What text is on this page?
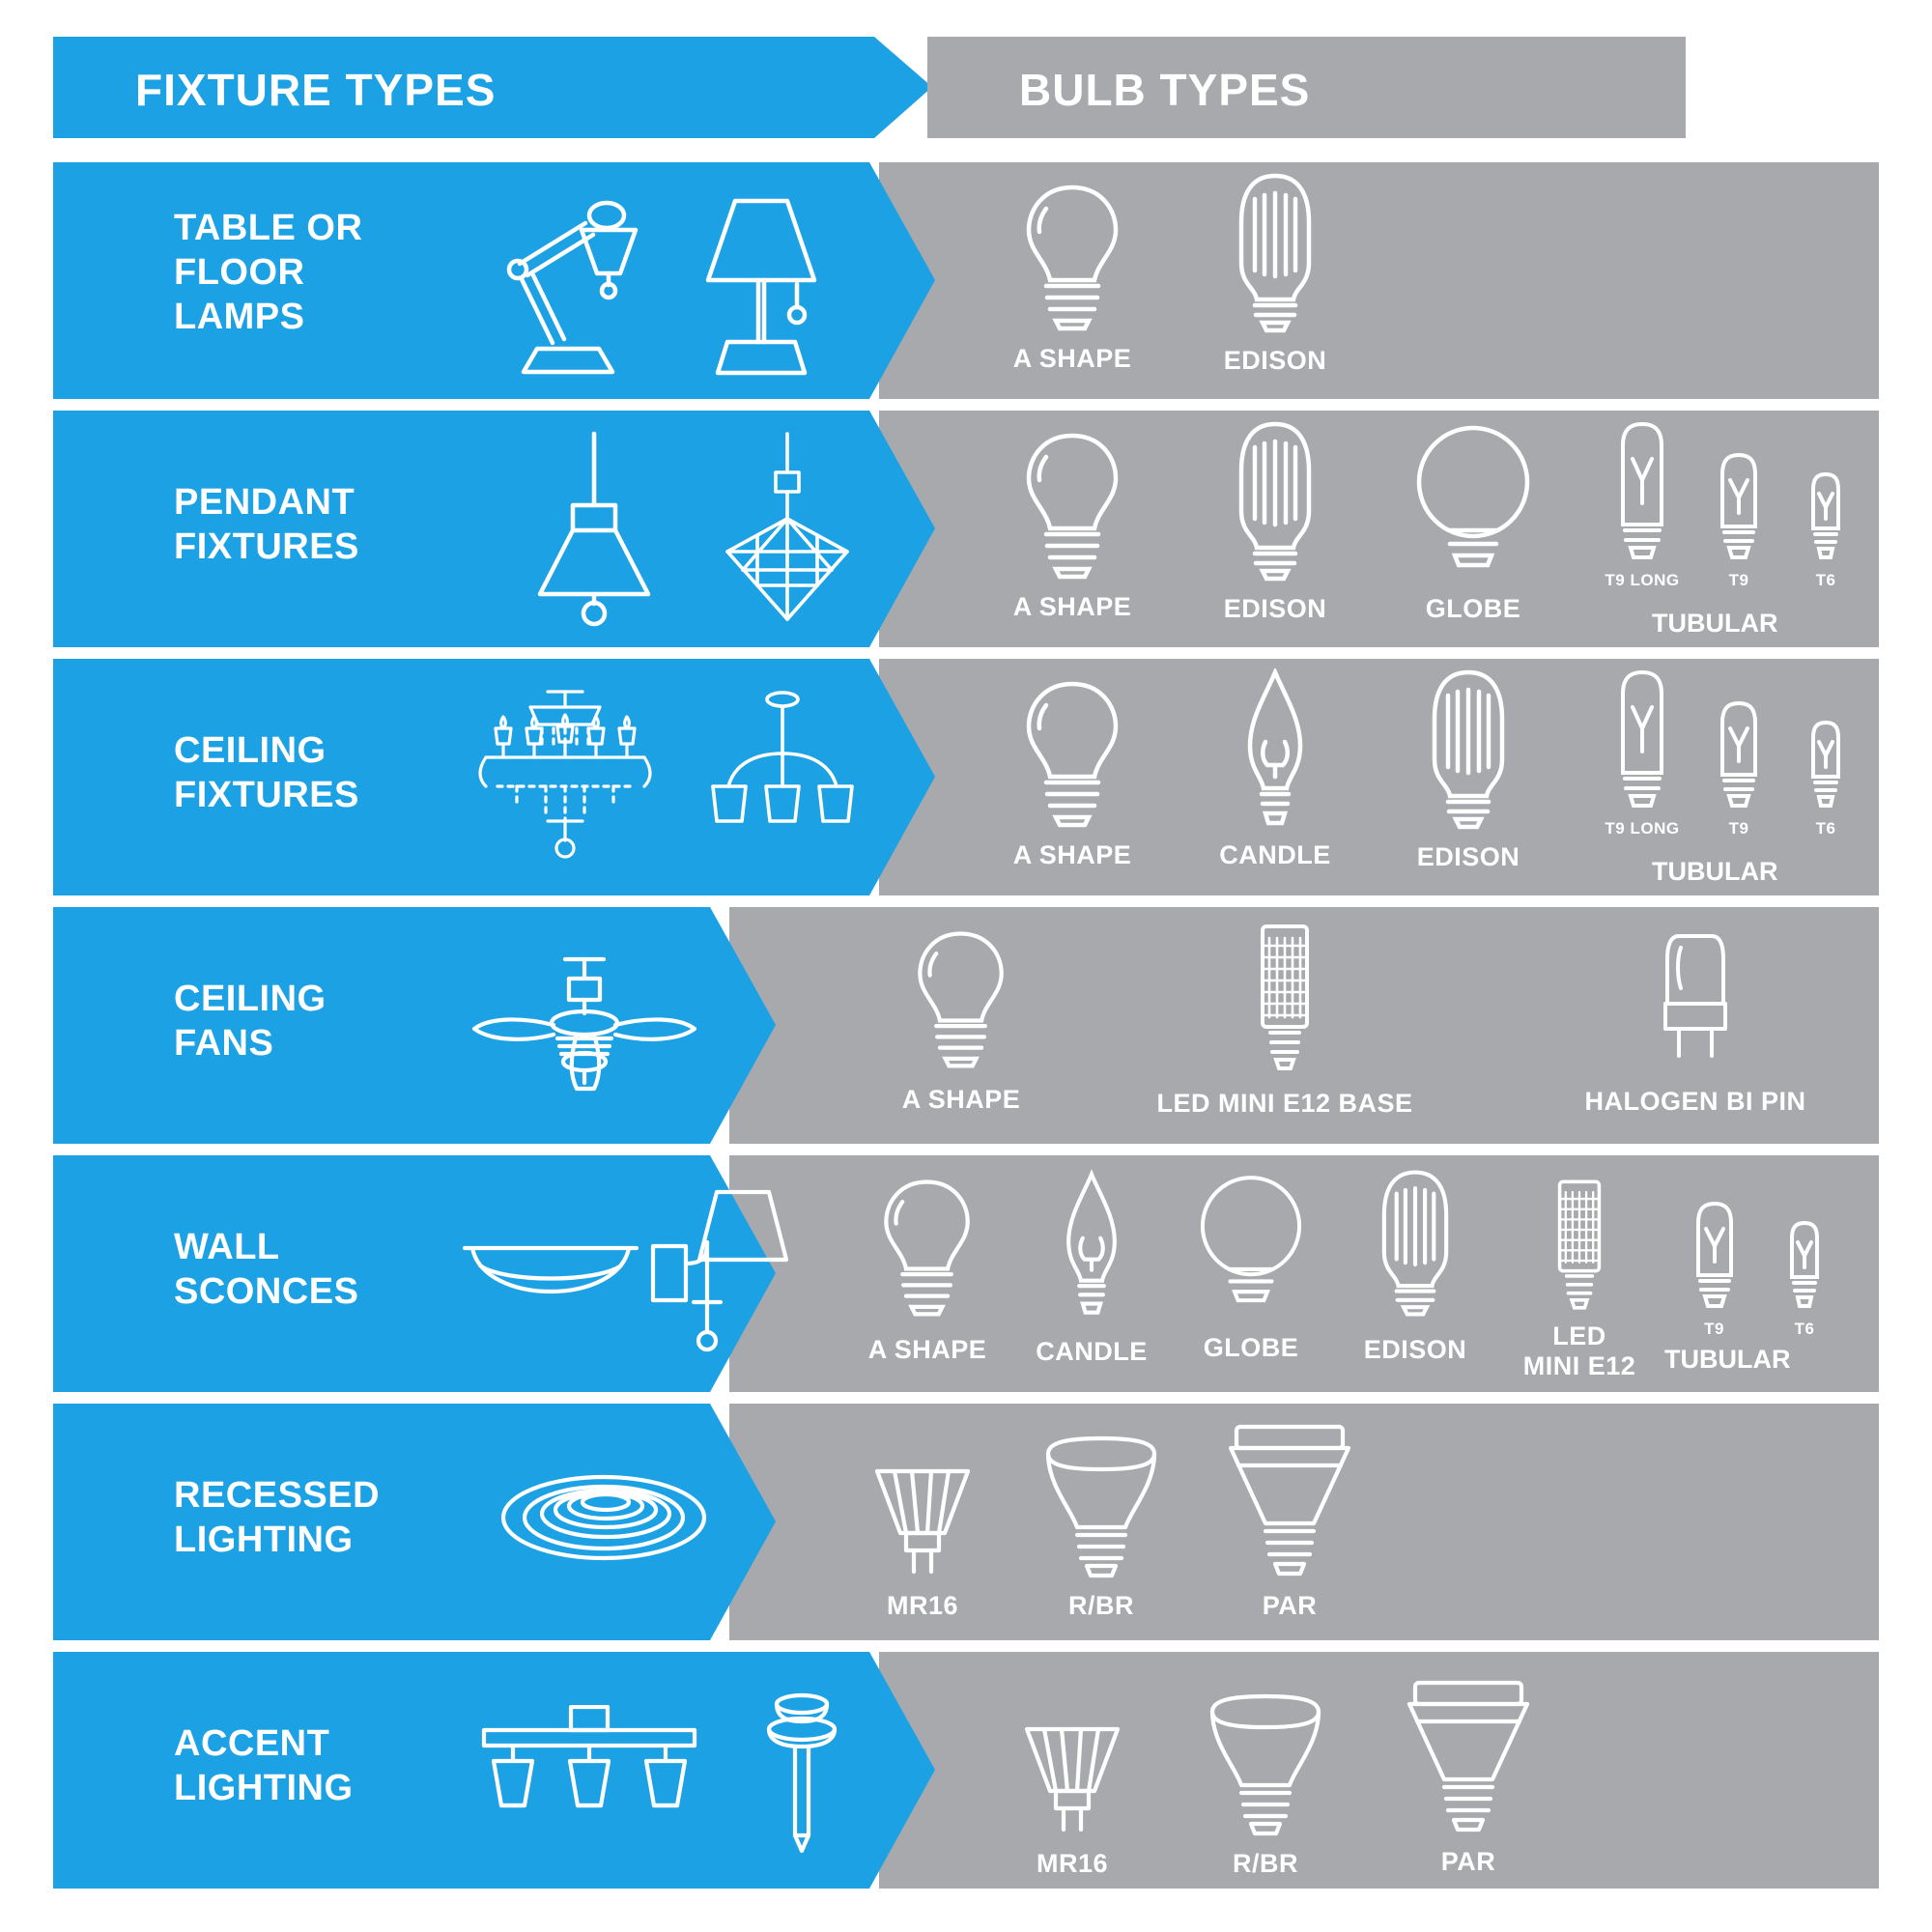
FIXTURE TYPES	BULB TYPES
TABLE OR
FLOOR
LAMPS
A SHAPE	EDISON
PENDANT
FIXTURES
A SHAPE	EDISON	GLOBE
T9 LONG	T9	T6
TUBULAR
CEILING
FIXTURES
A SHAPE	CANDLE	EDISON
T9 LONG	T9	T6
TUBULAR
CEILING
FANS
A SHAPE	LED MINI E12 BASE	HALOGEN BI PIN
WALL
SCONCES
A SHAPE	CANDLE	GLOBE	EDISON	LED
MINI E12
T9	T6
TUBULAR
RECESSED
LIGHTING
MR16	R/BR	PAR
ACCENT
LIGHTING
MR16	R/BR	PAR
